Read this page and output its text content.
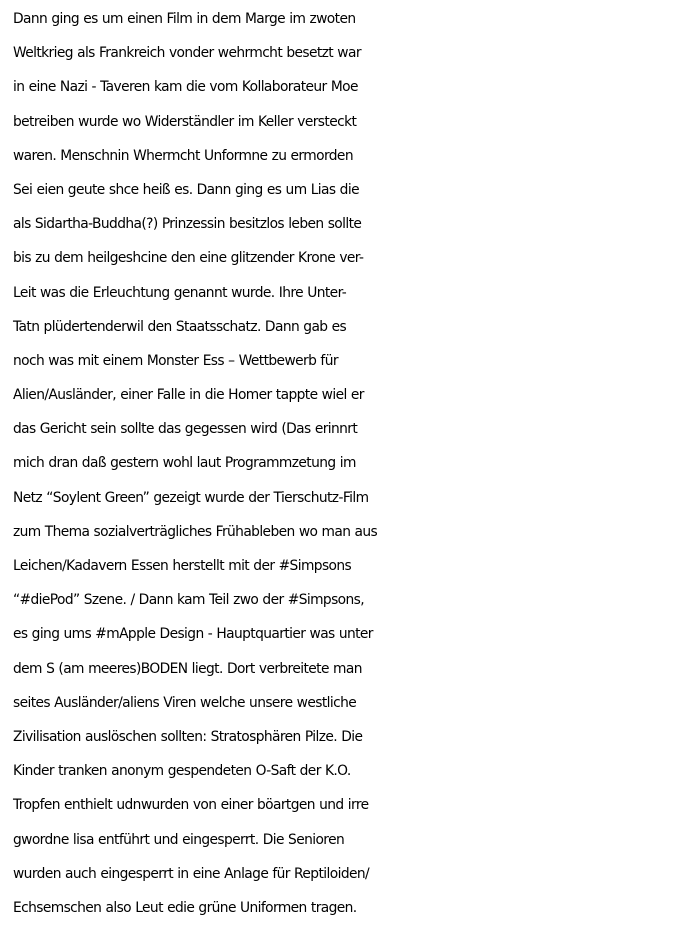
Dann ging es um einen Film in dem Marge im zwoten
Weltkrieg als Frankreich vonder wehrmcht besetzt war
in eine Nazi - Taveren kam die vom Kollaborateur Moe
betreiben wurde wo Widerständler im Keller versteckt
waren. Menschnin Whermcht Unformne zu ermorden
Sei eien geute shce heiß es. Dann ging es um Lias die
als Sidartha-Buddha(?) Prinzessin besitzlos leben sollte
bis zu dem heilgeshcine den eine glitzender Krone ver-
Leit was die Erleuchtung genannt wurde. Ihre Unter-
Tatn plüdertenderwil den Staatsschatz. Dann gab es
noch was mit einem Monster Ess – Wettbewerb für
Alien/Ausländer, einer Falle in die Homer tappte wiel er
das Gericht sein sollte das gegessen wird (Das erinnrt
mich dran daß gestern wohl laut Programmzetung im
Netz “Soylent Green” gezeigt wurde der Tierschutz-Film
zum Thema sozialverträgliches Frühableben wo man aus
Leichen/Kadavern Essen herstellt mit der #Simpsons
“#diePod” Szene. / Dann kam Teil zwo der #Simpsons,
es ging ums #mApple Design - Hauptquartier was unter
dem S (am meeres)BODEN liegt. Dort verbreitete man
seites Ausländer/aliens Viren welche unsere westliche
Zivilisation auslöschen sollten: Stratosphären Pilze. Die
Kinder tranken anonym gespendeten O-Saft der K.O.
Tropfen enthielt udnwurden von einer böartgen und irre
gwordne lisa entführt und eingesperrt. Die Senioren
wurden auch eingesperrt in eine Anlage für Reptiloiden/
Echsemschen also Leut edie grüne Uniformen tragen.
